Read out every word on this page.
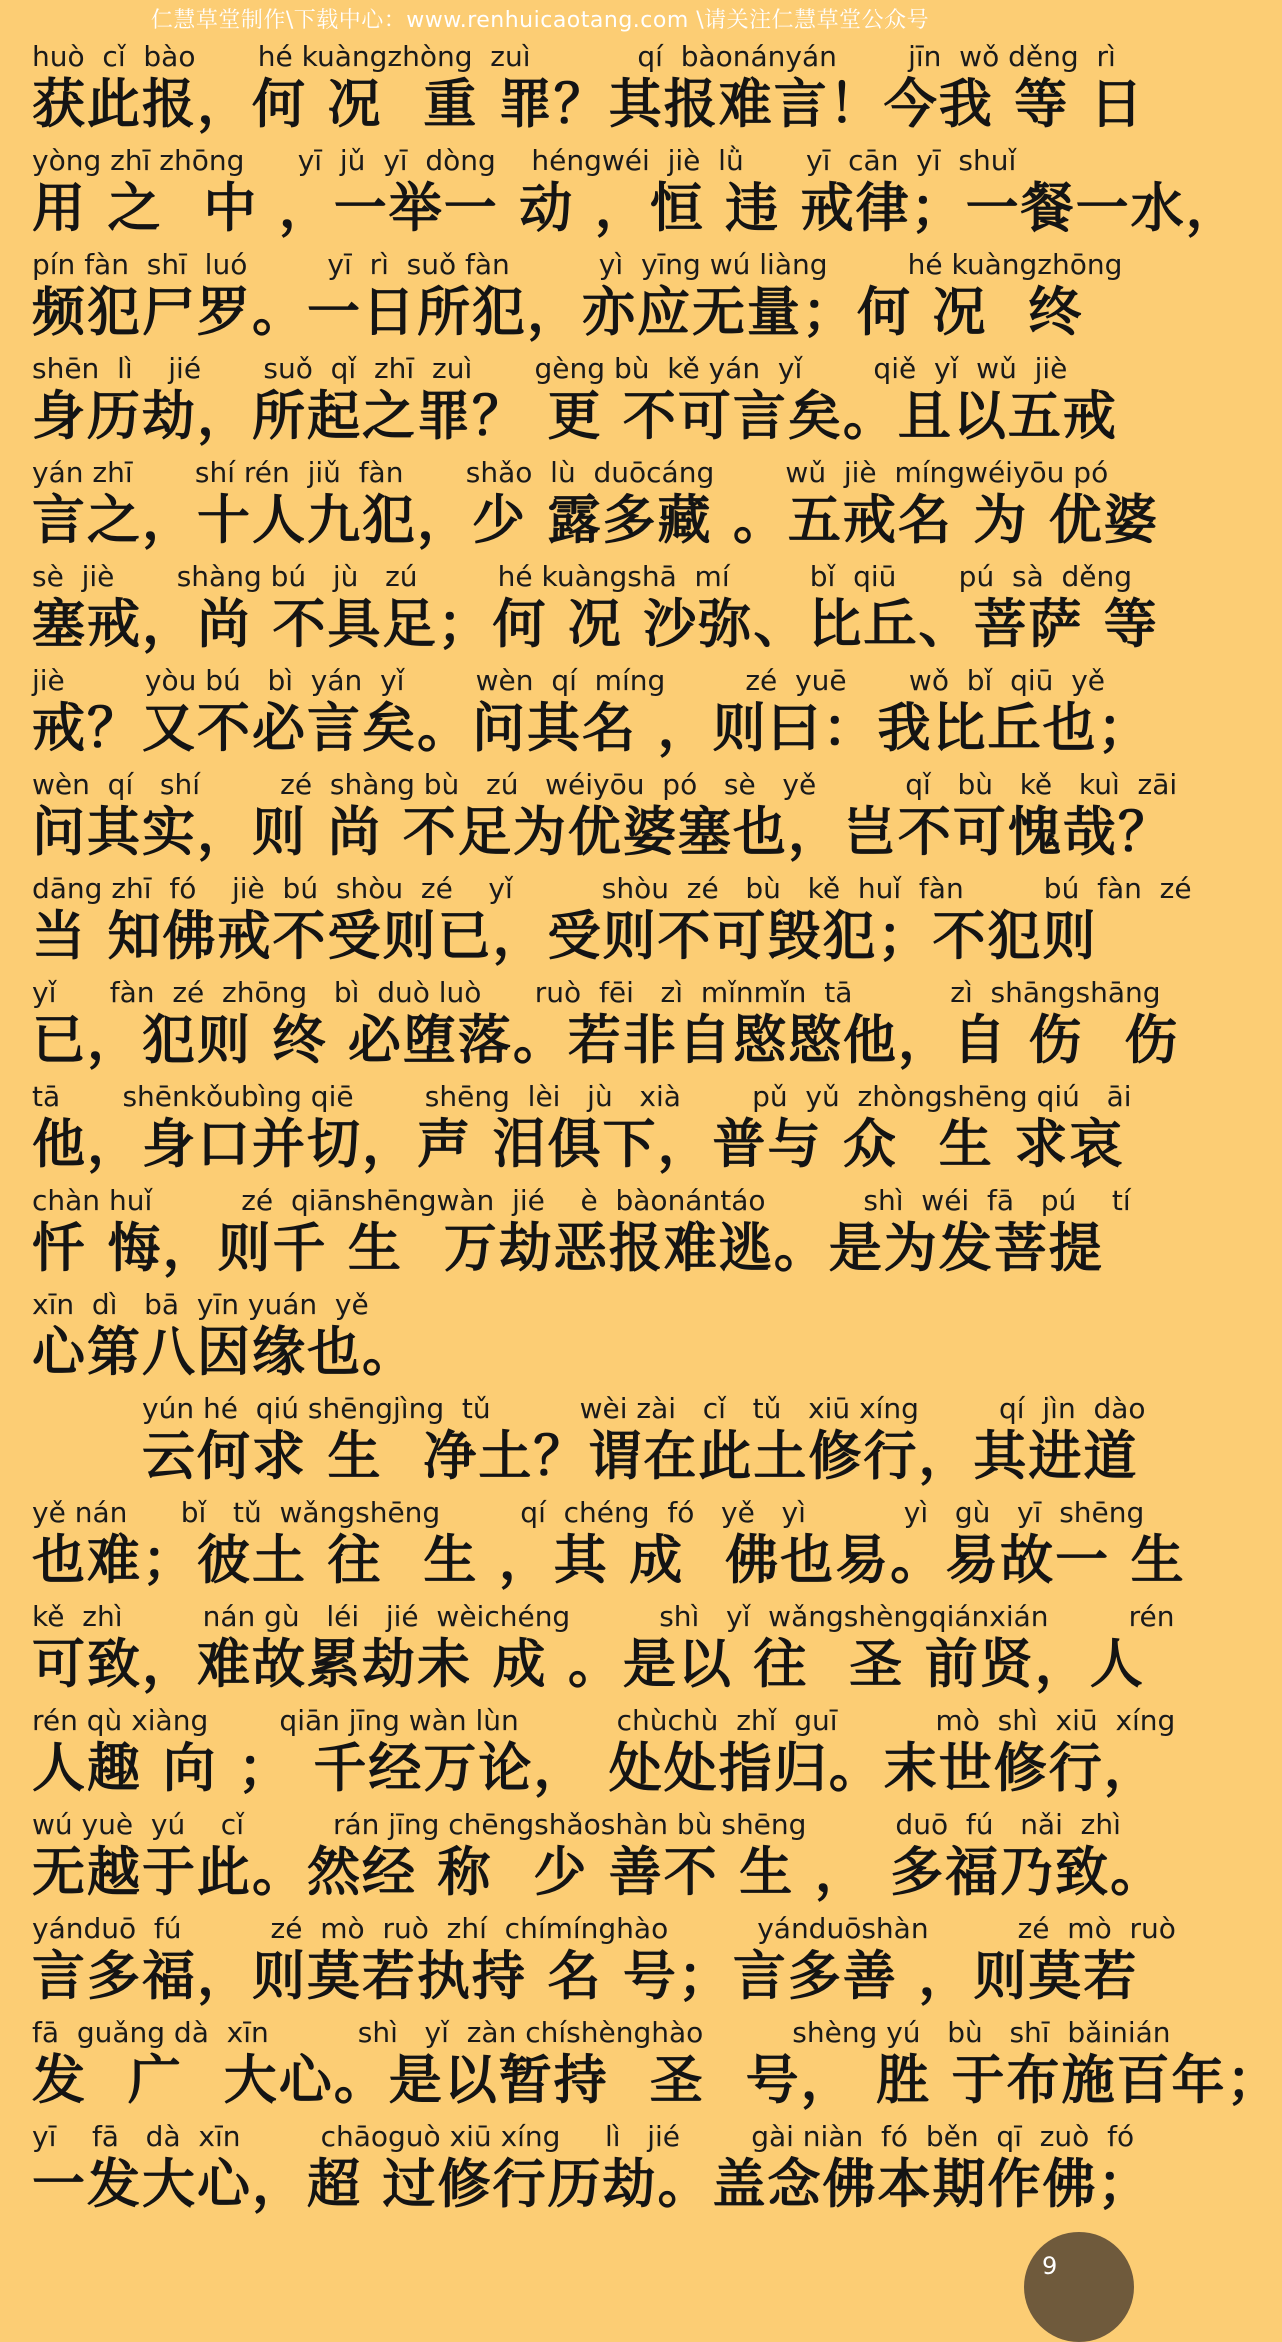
仁慧草堂制作\下载中心：www.renhuicaotang.com \请关注仁慧草堂公众号
huò  cǐ  bào       hé kuàngzhòng  zuì            qí  bàonányán        jīn  wǒ děng  rì
获此报，何 况  重 罪？其报难言！今我 等 日
yòng zhī zhōng      yī  jǔ  yī  dòng    héngwéi  jiè  lǜ       yī  cān  yī  shuǐ
用 之  中 ，一举一 动 ，恒 违 戒律；一餐一水，
pín fàn  shī  luó         yī  rì  suǒ fàn          yì  yīng wú liàng         hé kuàngzhōng
频犯尸罗。一日所犯，亦应无量；何 况  终
shēn  lì    jié       suǒ  qǐ  zhī  zuì       gèng bù  kě yán  yǐ        qiě  yǐ  wǔ  jiè
身历劫，所起之罪？ 更 不可言矣。且以五戒
yán zhī       shí rén  jiǔ  fàn       shǎo  lù  duōcáng        wǔ  jiè  míngwéiyōu pó
言之，十人九犯，少 露多藏 。五戒名 为 优婆
sè  jiè       shàng bú   jù   zú         hé kuàngshā  mí         bǐ  qiū       pú  sà  děng
塞戒，尚 不具足；何 况 沙弥、比丘、菩萨 等
jiè         yòu bú   bì  yán  yǐ        wèn  qí  míng         zé  yuē       wǒ  bǐ  qiū  yě
戒？又不必言矣。问其名 ，则曰：我比丘也；
wèn  qí   shí         zé  shàng bù   zú   wéiyōu  pó   sè   yě          qǐ   bù   kě   kuì  zāi
问其实，则 尚 不足为优婆塞也，岂不可愧哉？
dāng zhī  fó    jiè  bú  shòu  zé    yǐ          shòu  zé   bù   kě  huǐ  fàn         bú  fàn  zé
当 知佛戒不受则已，受则不可毁犯；不犯则
yǐ      fàn  zé  zhōng   bì  duò luò      ruò  fēi   zì  mǐnmǐn  tā           zì  shāngshāng
已，犯则 终 必堕落。若非自愍愍他，自 伤  伤
tā       shēnkǒubìng qiē        shēng  lèi   jù   xià        pǔ  yǔ  zhòngshēng qiú   āi
他，身口并切，声 泪俱下，普与 众  生 求哀
chàn huǐ          zé  qiānshēngwàn  jié    è  bàonántáo           shì  wéi  fā   pú    tí
忏 悔，则千 生  万劫恶报难逃。是为发菩提
xīn  dì   bā  yīn yuán  yě
心第八因缘也。
yún hé  qiú shēngjìng  tǔ          wèi zài   cǐ   tǔ   xiū xíng         qí  jìn  dào
云何求 生  净土？谓在此土修行，其进道
yě nán      bǐ   tǔ  wǎngshēng         qí  chéng  fó   yě   yì           yì   gù   yī  shēng
也难；彼土 往  生 ，其 成  佛也易。易故一 生
kě  zhì         nán gù   léi   jié  wèichéng          shì   yǐ  wǎngshèngqiánxián         rén
可致，难故累劫未 成 。是以 往  圣 前贤，人
rén qù xiàng        qiān jīng wàn lùn           chùchù  zhǐ  guī           mò  shì  xiū  xíng
人趣 向 ； 千经万论， 处处指归。末世修行，
wú yuè  yú    cǐ          rán jīng chēngshǎoshàn bù shēng          duō  fú   nǎi  zhì
无越于此。然经 称  少 善不 生 ， 多福乃致。
yánduō  fú          zé  mò  ruò  zhí  chímínghào          yánduōshàn          zé  mò  ruò
言多福，则莫若执持 名 号；言多善 ，则莫若
fā  guǎng dà  xīn          shì   yǐ  zàn chíshènghào          shèng yú   bù   shī  bǎinián
发  广  大心。是以暂持  圣  号， 胜 于布施百年；
yī    fā   dà  xīn         chāoguò xiū xíng     lì   jié        gài niàn  fó  běn  qī  zuò  fó
一发大心，超 过修行历劫。盖念佛本期作佛；
9
